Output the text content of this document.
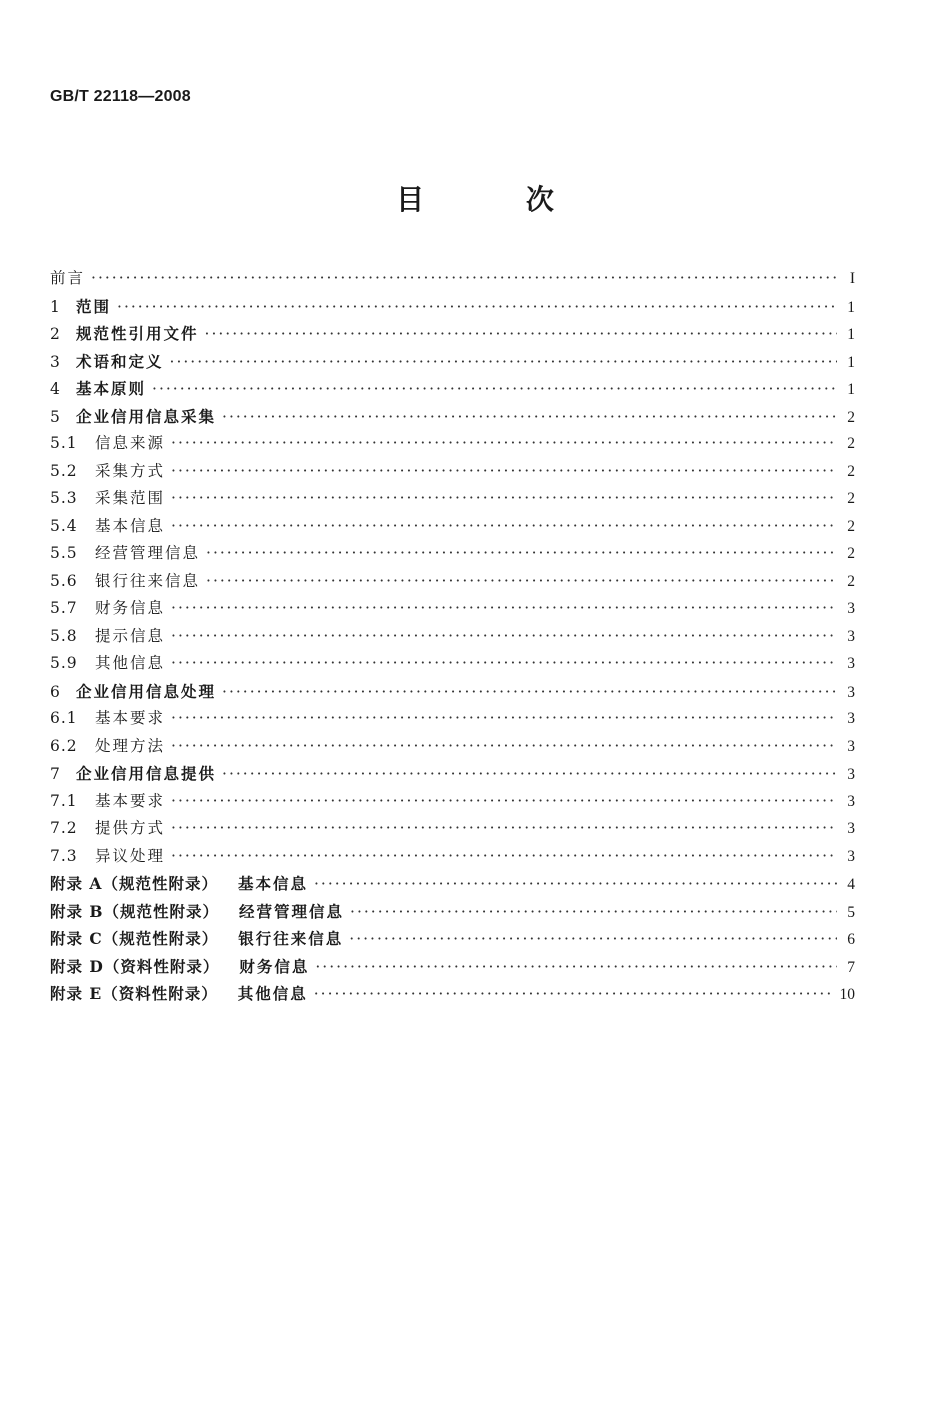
GB/T 22118—2008
目 次
前言 ·····	I
1 范围 ·····	1
2 规范性引用文件 ·····	1
3 术语和定义 ·····	1
4 基本原则 ·····	1
5 企业信用信息采集 ·····	2
5.1	信息来源 ·····	2
5.2	采集方式 ·····	2
5.3	采集范围 ·····	2
5.4	基本信息 ·····	2
5.5	经营管理信息 ·····	2
5.6	银行往来信息 ·····	2
5.7	财务信息 ·····	3
5.8	提示信息 ·····	3
5.9	其他信息 ·····	3
6 企业信用信息处理 ·····	3
6.1	基本要求 ·····	3
6.2	处理方法 ·····	3
7 企业信用信息提供 ·····	3
7.1	基本要求 ·····	3
7.2	提供方式 ·····	3
7.3	异议处理 ·····	3
附录 A （规范性附录） 基本信息 ·····	4
附录 B （规范性附录） 经营管理信息 ·····	5
附录 C （规范性附录） 银行往来信息 ·····	6
附录 D （资料性附录） 财务信息 ·····	7
附录 E （资料性附录） 其他信息 ·····	10
